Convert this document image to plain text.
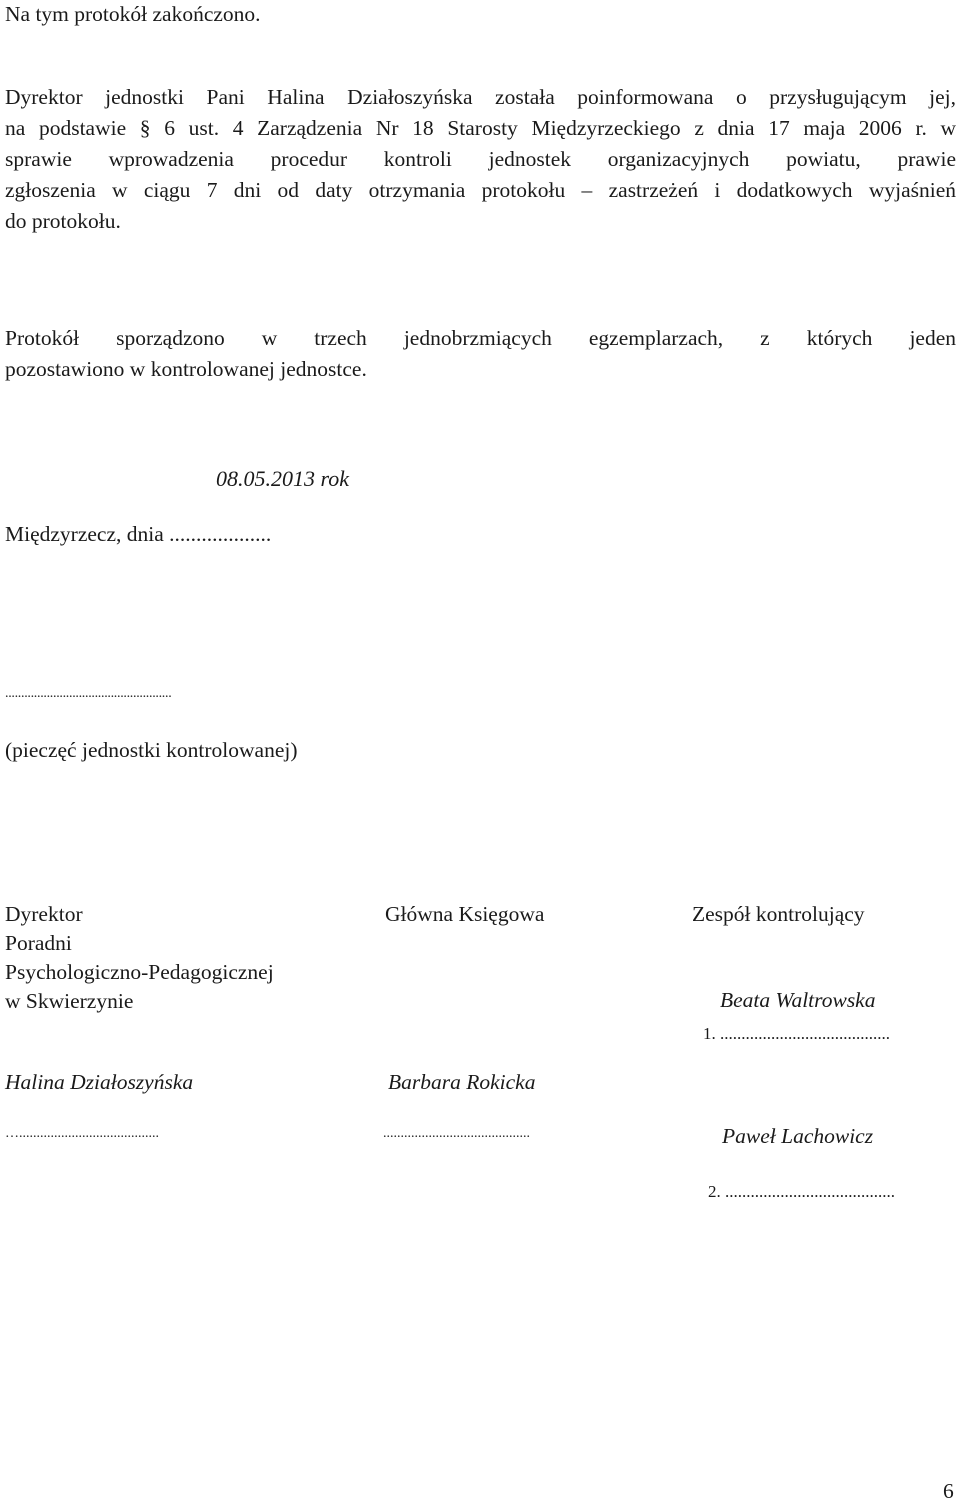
Na tym protokół zakończono.
Dyrektor jednostki Pani Halina Działoszyńska została poinformowana o przysługującym jej,
na podstawie § 6 ust. 4 Zarządzenia Nr 18 Starosty Międzyrzeckiego z dnia 17 maja 2006 r. w
sprawie wprowadzenia procedur kontroli jednostek organizacyjnych powiatu, prawie
zgłoszenia w ciągu 7 dni od daty otrzymania protokołu – zastrzeżeń i dodatkowych wyjaśnień
do protokołu.
Protokół sporządzono w trzech jednobrzmiących egzemplarzach, z których jeden
pozostawiono w kontrolowanej jednostce.
08.05.2013 rok
Międzyrzecz, dnia ...................
....................................................
(pieczęć jednostki kontrolowanej)
Dyrektor
Poradni
Psychologiczno-Pedagogicznej
w Skwierzynie
Halina Działoszyńska
…........................................
Główna Księgowa
Barbara Rokicka
..........................................
Zespół kontrolujący
Beata Waltrowska
1. ........................................
Paweł Lachowicz
2. ........................................
6
